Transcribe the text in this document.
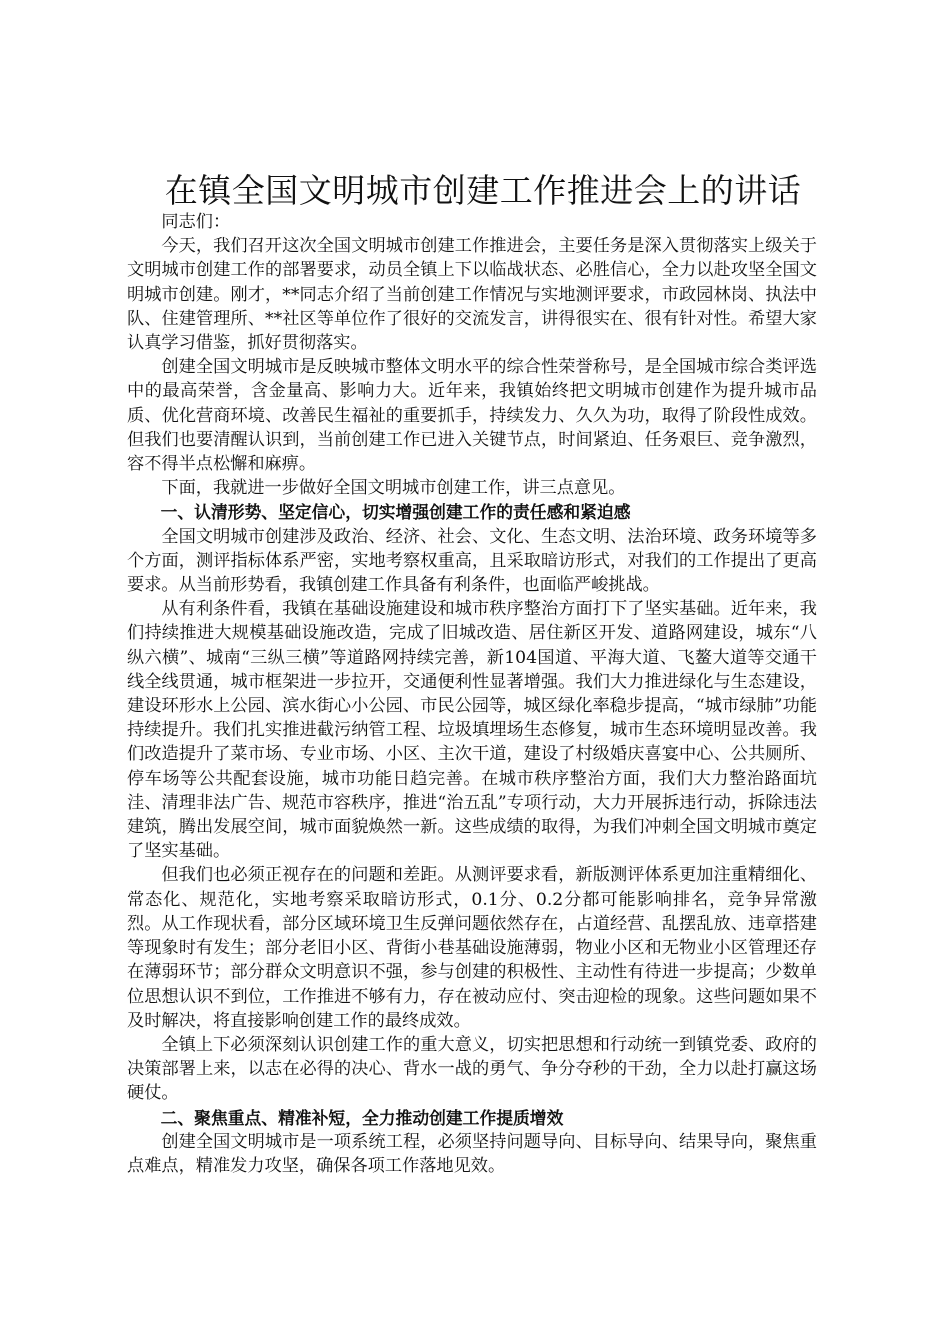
在镇全国文明城市创建工作推进会上的讲话

同志们：

今天，我们召开这次全国文明城市创建工作推进会，主要任务是深入贯彻落实上级关于文明城市创建工作的部署要求，动员全镇上下以临战状态、必胜信心，全力以赴攻坚全国文明城市创建。刚才，**同志介绍了当前创建工作情况与实地测评要求，市政园林岗、执法中队、住建管理所、**社区等单位作了很好的交流发言，讲得很实在、很有针对性。希望大家认真学习借鉴，抓好贯彻落实。

创建全国文明城市是反映城市整体文明水平的综合性荣誉称号，是全国城市综合类评选中的最高荣誉，含金量高、影响力大。近年来，我镇始终把文明城市创建作为提升城市品质、优化营商环境、改善民生福祉的重要抓手，持续发力、久久为功，取得了阶段性成效。但我们也要清醒认识到，当前创建工作已进入关键节点，时间紧迫、任务艰巨、竞争激烈，容不得半点松懈和麻痹。

下面，我就进一步做好全国文明城市创建工作，讲三点意见。

一、认清形势、坚定信心，切实增强创建工作的责任感和紧迫感

全国文明城市创建涉及政治、经济、社会、文化、生态文明、法治环境、政务环境等多个方面，测评指标体系严密，实地考察权重高，且采取暗访形式，对我们的工作提出了更高要求。从当前形势看，我镇创建工作具备有利条件，也面临严峻挑战。

从有利条件看，我镇在基础设施建设和城市秩序整治方面打下了坚实基础。近年来，我们持续推进大规模基础设施改造，完成了旧城改造、居住新区开发、道路网建设，城东“八纵六横”、城南“三纵三横”等道路网持续完善，新104国道、平海大道、飞鳌大道等交通干线全线贯通，城市框架进一步拉开，交通便利性显著增强。我们大力推进绿化与生态建设，建设环形水上公园、滨水街心小公园、市民公园等，城区绿化率稳步提高，“城市绿肺”功能持续提升。我们扎实推进截污纳管工程、垃圾填埋场生态修复，城市生态环境明显改善。我们改造提升了菜市场、专业市场、小区、主次干道，建设了村级婚庆喜宴中心、公共厕所、停车场等公共配套设施，城市功能日趋完善。在城市秩序整治方面，我们大力整治路面坑洼、清理非法广告、规范市容秩序，推进“治五乱”专项行动，大力开展拆违行动，拆除违法建筑，腾出发展空间，城市面貌焕然一新。这些成绩的取得，为我们冲刺全国文明城市奠定了坚实基础。

但我们也必须正视存在的问题和差距。从测评要求看，新版测评体系更加注重精细化、常态化、规范化，实地考察采取暗访形式，0.1分、0.2分都可能影响排名，竞争异常激烈。从工作现状看，部分区域环境卫生反弹问题依然存在，占道经营、乱摆乱放、违章搭建等现象时有发生；部分老旧小区、背街小巷基础设施薄弱，物业小区和无物业小区管理还存在薄弱环节；部分群众文明意识不强，参与创建的积极性、主动性有待进一步提高；少数单位思想认识不到位，工作推进不够有力，存在被动应付、突击迎检的现象。这些问题如果不及时解决，将直接影响创建工作的最终成效。

全镇上下必须深刻认识创建工作的重大意义，切实把思想和行动统一到镇党委、政府的决策部署上来，以志在必得的决心、背水一战的勇气、争分夺秒的干劲，全力以赴打赢这场硬仗。

二、聚焦重点、精准补短，全力推动创建工作提质增效

创建全国文明城市是一项系统工程，必须坚持问题导向、目标导向、结果导向，聚焦重点难点，精准发力攻坚，确保各项工作落地见效。
